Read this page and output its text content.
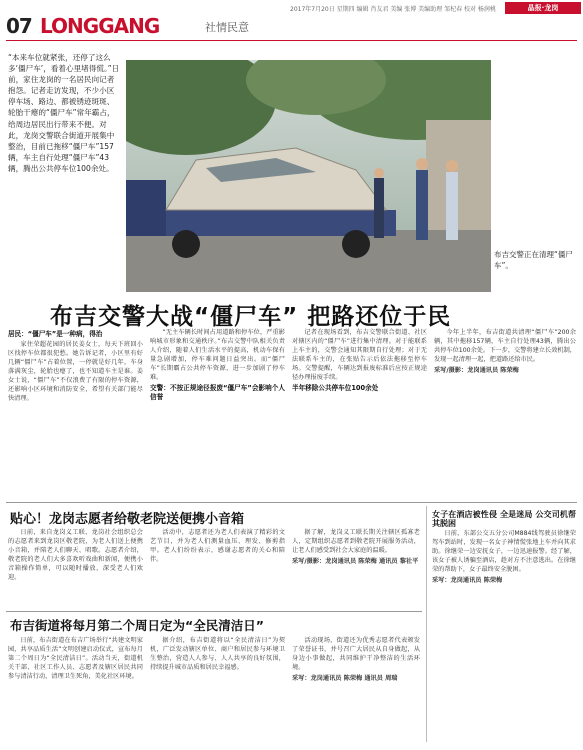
07 LONGGANG	社情民意
2017年7月20日 星期四 编辑 肖友君 美编 张博 美编助理 邹杞春 校对 杨润桃	晶报·龙岗
“本来车位就紧张，还停了这么多‘僵尸车’，看着心里堵得慌。”日前，家住龙岗的一名居民向记者抱怨。记者走访发现，不少小区停车场、路边、都被锈迹斑斑、轮胎干瘪的“僵尸车”常年霸占，给周边居民出行带来不便。对此，龙岗交警联合街道开展集中整治，目前已拖移“僵尸车”157辆，车主自行处理“僵尸车”43辆，腾出公共停车位100余处。
布吉交警正在清理“僵尸车”。
布吉交警大战“僵尸车” 把路还位于民
居民：“僵尸车”是一种病，得治

家住荣超花园的居民姜女士，每天下班回小区找停车位都很犯愁。她告诉记者，小区里有好几辆“僵尸车”占着位置，一停就是好几年，车身落满灰尘，轮胎也瘪了，也不知道车主是谁。姜女士说，“僵尸车”不仅浪费了有限的停车资源，还影响小区环境和消防安全，希望有关部门能尽快清理。

“无主车辆长时间占用道路和停车位，严重影响城市形象和交通秩序。”布吉交警中队相关负责人介绍，随着人们生活水平的提高，机动车保有量急剧增加，停车难问题日益突出。而“僵尸车”长期霸占公共停车资源，进一步加剧了停车难。

交警：不按正规途径报废“僵尸车”会影响个人信誉

记者在现场看到，布吉交警联合街道、社区对辖区内的“僵尸车”进行集中清理。对于能联系上车主的，交警会通知其限期自行处理；对于无法联系车主的，在张贴告示后依法拖移至停车场。交警提醒，车辆达到报废标准后应按正规途径办理报废手续。

半年移除公共停车位100余处

今年上半年，布吉街道共清理“僵尸车”200余辆，其中拖移157辆，车主自行处理43辆，腾出公共停车位100余处。下一步，交警将建立长效机制，发现一起清理一起，把道路还给市民。

采写/摄影：龙岗通讯员 陈荣梅

贴心！龙岗志愿者给敬老院送便携小音箱

日前，来自龙岗义工联、龙岗社会组织总会的志愿者来到龙岗区敬老院，为老人们送上便携小音箱，并陪老人们聊天、唱歌。志愿者介绍，敬老院的老人们大多喜欢听戏曲和新闻，便携小音箱操作简单，可以随时播放，深受老人们欢迎。

活动中，志愿者还为老人们表演了精彩的文艺节目，并为老人们测量血压、理发、修剪指甲。老人们纷纷表示，感谢志愿者的关心和陪伴。

据了解，龙岗义工联长期关注辖区孤寡老人，定期组织志愿者到敬老院开展服务活动，让老人们感受到社会大家庭的温暖。

采写/摄影：龙岗通讯员 陈荣梅 通讯员 黎社平

女子在酒店被性侵 全是迷局 公交司机帮其脱困

日前，东部公交五分公司M884线驾驶员徐继荣驾车到站时，发现一名女子神情慌张地上车并向其求助。徐继荣一边安抚女子，一边迅速报警。经了解，该女子被人诱骗至酒店，趁对方不注意逃出。在徐继荣的帮助下，女子最终安全脱困。

采写：龙岗通讯员 陈荣梅

布吉街道将每月第二个周日定为“全民清洁日”

日前，布吉街道在布吉广场举行“共建文明家园，共享品质生活”文明创建启动仪式，宣布每月第二个周日为“全民清洁日”。活动当天，街道机关干部、社区工作人员、志愿者及辖区居民共同参与清洁行动，清理卫生死角，美化社区环境。

据介绍，布吉街道将以“全民清洁日”为契机，广泛发动辖区单位、商户和居民参与环境卫生整治，营造人人参与、人人共享的良好氛围，持续提升城市品质和居民幸福感。

活动现场，街道还为优秀志愿者代表颁发了荣誉证书，并号召广大居民从自身做起，从身边小事做起，共同维护干净整洁的生活环境。

采写：龙岗通讯员 陈荣梅 通讯员 周瑞
